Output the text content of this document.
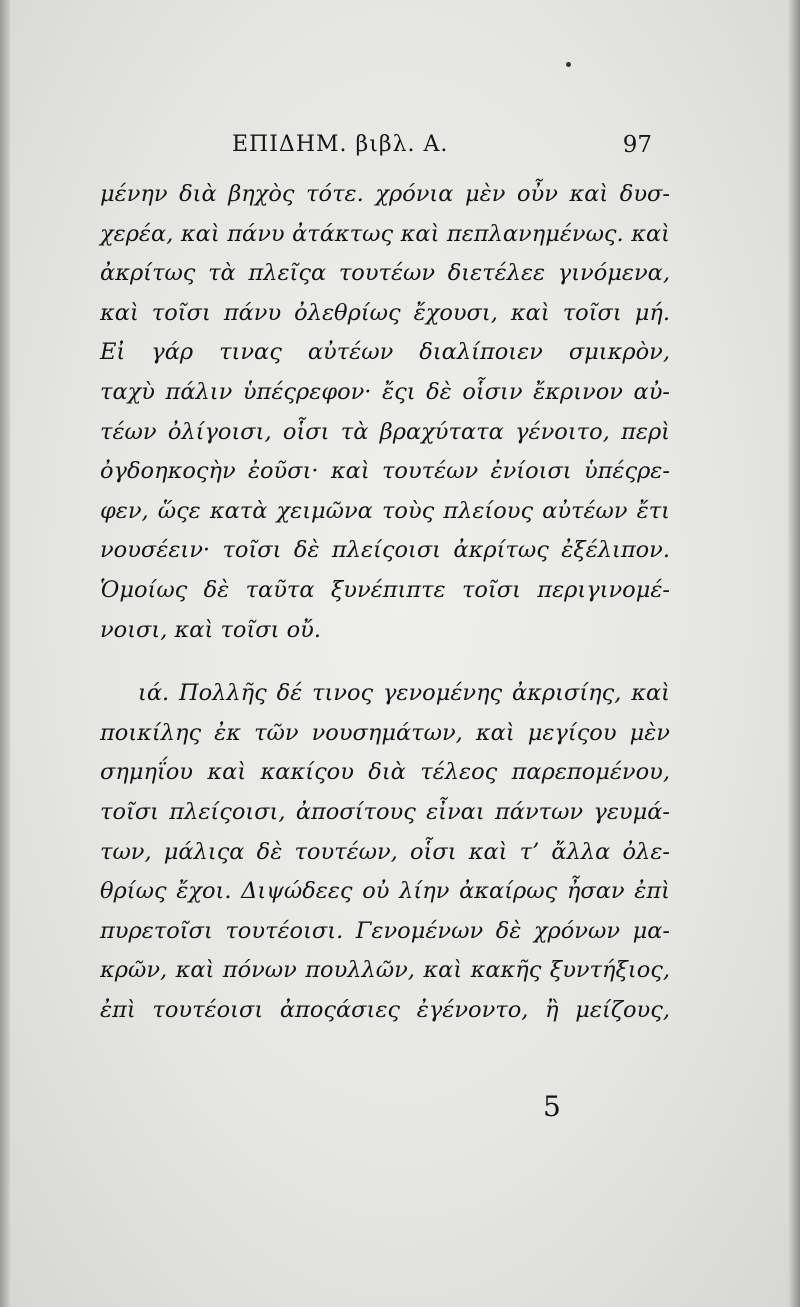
ΕΠΙΔΗΜ. βιβλ. Α.	97
μένην διὰ βηχὸς τότε. χρόνια μὲν οὖν καὶ δυσ-
χερέα, καὶ πάνυ ἀτάκτως καὶ πεπλανημένως. καὶ
ἀκρίτως τὰ πλεῖςα τουτέων διετέλεε γινόμενα,
καὶ τοῖσι πάνυ ὀλεθρίως ἔχουσι, καὶ τοῖσι μή.
Εἰ γάρ τινας αὐτέων διαλίποιεν σμικρὸν,
ταχὺ πάλιν ὑπέςρεφον· ἔςι δὲ οἷσιν ἔκρινον αὐ-
τέων ὀλίγοισι, οἷσι τὰ βραχύτατα γένοιτο, περὶ
ὀγδοηκοςὴν ἐοῦσι· καὶ τουτέων ἐνίοισι ὑπέςρε-
φεν, ὥςε κατὰ χειμῶνα τοὺς πλείους αὐτέων ἔτι
νουσέειν· τοῖσι δὲ πλείςοισι ἀκρίτως ἐξέλιπον.
Ὁμοίως δὲ ταῦτα ξυνέπιπτε τοῖσι περιγινομέ-
νοισι, καὶ τοῖσι οὔ.
ιά. Πολλῆς δέ τινος γενομένης ἀκρισίης, καὶ
ποικίλης ἐκ τῶν νουσημάτων, καὶ μεγίςου μὲν
σημηΐου καὶ κακίςου διὰ τέλεος παρεπομένου,
τοῖσι πλείςοισι, ἀποσίτους εἶναι πάντων γευμά-
των, μάλιςα δὲ τουτέων, οἷσι καὶ τ’ ἄλλα ὀλε-
θρίως ἔχοι. Διψώδεες οὐ λίην ἀκαίρως ἦσαν ἐπὶ
πυρετοῖσι τουτέοισι. Γενομένων δὲ χρόνων μα-
κρῶν, καὶ πόνων πουλλῶν, καὶ κακῆς ξυντήξιος,
ἐπὶ τουτέοισι ἀποςάσιες ἐγένοντο, ἢ μείζους,
5
